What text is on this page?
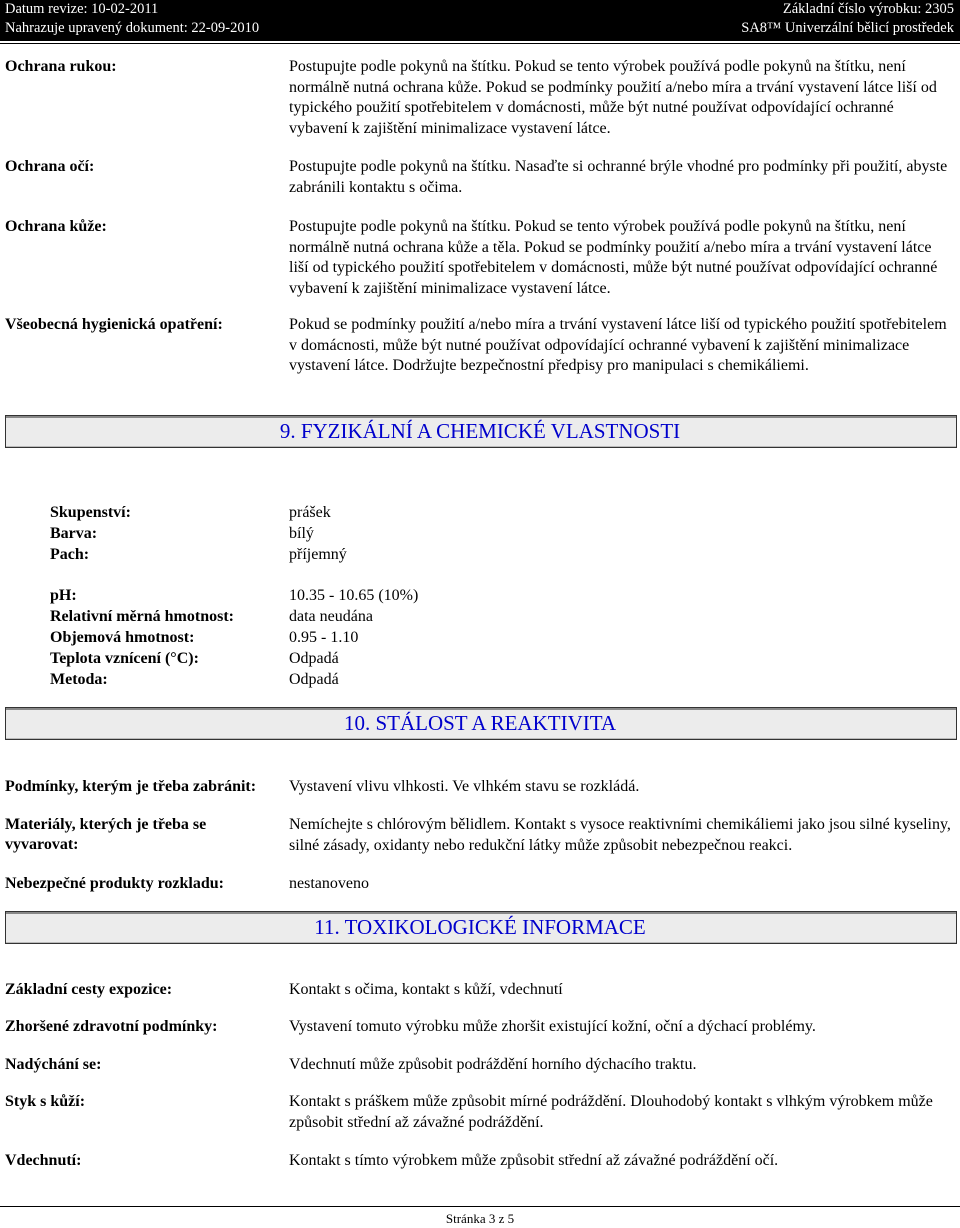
Datum revize: 10-02-2011
Nahrazuje upravený dokument: 22-09-2010
Základní číslo výrobku: 2305
SA8™ Univerzální bělicí prostředek
Ochrana rukou:	Postupujte podle pokynů na štítku. Pokud se tento výrobek používá podle pokynů na štítku, není normálně nutná ochrana kůže. Pokud se podmínky použití a/nebo míra a trvání vystavení látce liší od typického použití spotřebitelem v domácnosti, může být nutné používat odpovídající ochranné vybavení k zajištění minimalizace vystavení látce.
Ochrana očí:	Postupujte podle pokynů na štítku. Nasaďte si ochranné brýle vhodné pro podmínky při použití, abyste zabránili kontaktu s očima.
Ochrana kůže:	Postupujte podle pokynů na štítku. Pokud se tento výrobek používá podle pokynů na štítku, není normálně nutná ochrana kůže a těla. Pokud se podmínky použití a/nebo míra a trvání vystavení látce liší od typického použití spotřebitelem v domácnosti, může být nutné používat odpovídající ochranné vybavení k zajištění minimalizace vystavení látce.
Všeobecná hygienická opatření:	Pokud se podmínky použití a/nebo míra a trvání vystavení látce liší od typického použití spotřebitelem v domácnosti, může být nutné používat odpovídající ochranné vybavení k zajištění minimalizace vystavení látce. Dodržujte bezpečnostní předpisy pro manipulaci s chemikáliemi.
9. FYZIKÁLNÍ A CHEMICKÉ VLASTNOSTI
Skupenství:	prášek
Barva:	bílý
Pach:	příjemný
pH:	10.35 - 10.65 (10%)
Relativní měrná hmotnost:	data neudána
Objemová hmotnost:	0.95 - 1.10
Teplota vznícení (°C):	Odpadá
Metoda:	Odpadá
10. STÁLOST A REAKTIVITA
Podmínky, kterým je třeba zabránit: Vystavení vlivu vlhkosti. Ve vlhkém stavu se rozkládá.
Materiály, kterých je třeba se vyvarovat:
Nemíchejte s chlórovým bělidlem. Kontakt s vysoce reaktivními chemikáliemi jako jsou silné kyseliny, silné zásady, oxidanty nebo redukční látky může způsobit nebezpečnou reakci.
Nebezpečné produkty rozkladu:	nestanoveno
11. TOXIKOLOGICKÉ INFORMACE
Základní cesty expozice:	Kontakt s očima, kontakt s kůží, vdechnutí
Zhoršené zdravotní podmínky:	Vystavení tomuto výrobku může zhoršit existující kožní, oční a dýchací problémy.
Nadýchání se:	Vdechnutí může způsobit podráždění horního dýchacího traktu.
Styk s kůží:	Kontakt s práškem může způsobit mírné podráždění. Dlouhodobý kontakt s vlhkým výrobkem může způsobit střední až závažné podráždění.
Vdechnutí:	Kontakt s tímto výrobkem může způsobit střední až závažné podráždění očí.
Stránka 3 z 5
